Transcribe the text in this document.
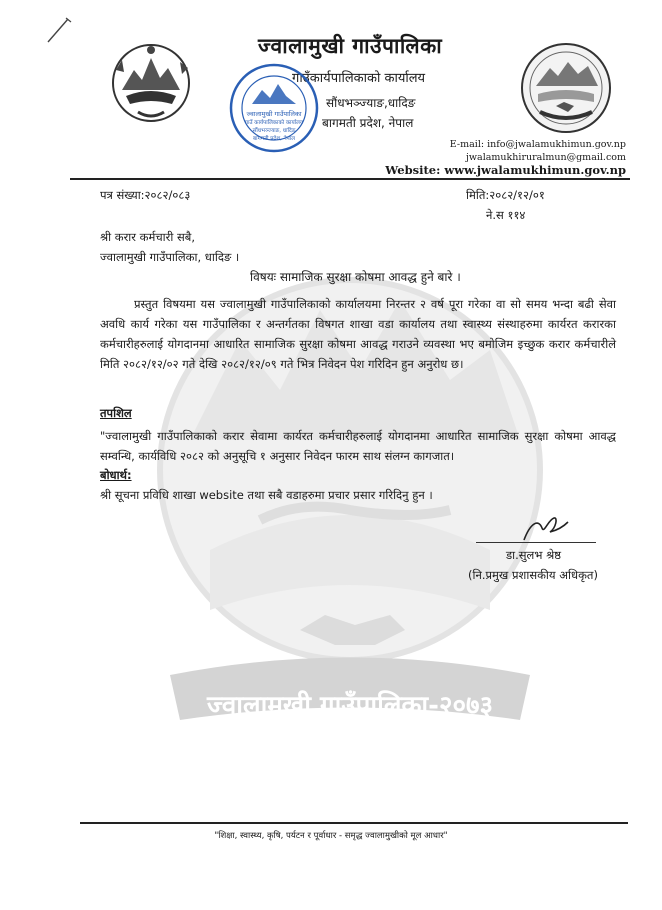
ज्वालामुखी गाउँपालिका-२०७३
ज्वालामुखी गाउँपालिका
गाउँकार्यपालिकाको कार्यालय
सौंधभञ्ज्याङ,धादिङ
बागमती प्रदेश, नेपाल
ज्वालामुखी गाउँपालिका
गाउँ कार्यपालिकाको कार्यालय
सौंधभञ्ज्याङ, धादिङ
बागमती प्रदेश, नेपाल	E-mail: info@jwalamukhimun.gov.np
jwalamukhiruralmun@gmail.com
Website: www.jwalamukhimun.gov.np
पत्र संख्या:२०८२/०८३	मिति:२०८२/१२/०१
ने.स ११४
श्री करार कर्मचारी सबै,
ज्वालामुखी गाउँपालिका, धादिङ ।
विषयः सामाजिक सुरक्षा कोषमा आवद्ध हुने बारे ।
प्रस्तुत विषयमा यस ज्वालामुखी गाउँपालिकाको कार्यालयमा निरन्तर २ वर्ष पूरा गरेका वा सो समय भन्दा बढी सेवा अवधि कार्य गरेका यस गाउँपालिका र अन्तर्गतका विषगत शाखा वडा कार्यालय तथा स्वास्थ्य संस्थाहरुमा कार्यरत करारका कर्मचारीहरुलाई योगदानमा आधारित सामाजिक सुरक्षा कोषमा आवद्ध गराउने व्यवस्था भए बमोजिम इच्छुक करार कर्मचारीले मिति २०८२/१२/०२ गते देखि २०८२/१२/०९ गते भित्र निवेदन पेश गरिदिन हुन अनुरोध छ।
तपशिल
"ज्वालामुखी गाउँपालिकाको करार सेवामा कार्यरत कर्मचारीहरुलाई योगदानमा आधारित सामाजिक सुरक्षा कोषमा आवद्ध सम्वन्धि, कार्यविधि २०८२ को अनुसूचि १ अनुसार निवेदन फारम साथ संलग्न कागजात।
बोधार्थ:
श्री सूचना प्रविधि शाखा website तथा सबै वडाहरुमा प्रचार प्रसार गरिदिनु हुन ।
डा.सुलभ श्रेष्ठ
(नि.प्रमुख प्रशासकीय अधिकृत)
"शिक्षा, स्वास्थ्य, कृषि, पर्यटन र पूर्वाधार - समृद्ध ज्वालामुखीको मूल आधार"
